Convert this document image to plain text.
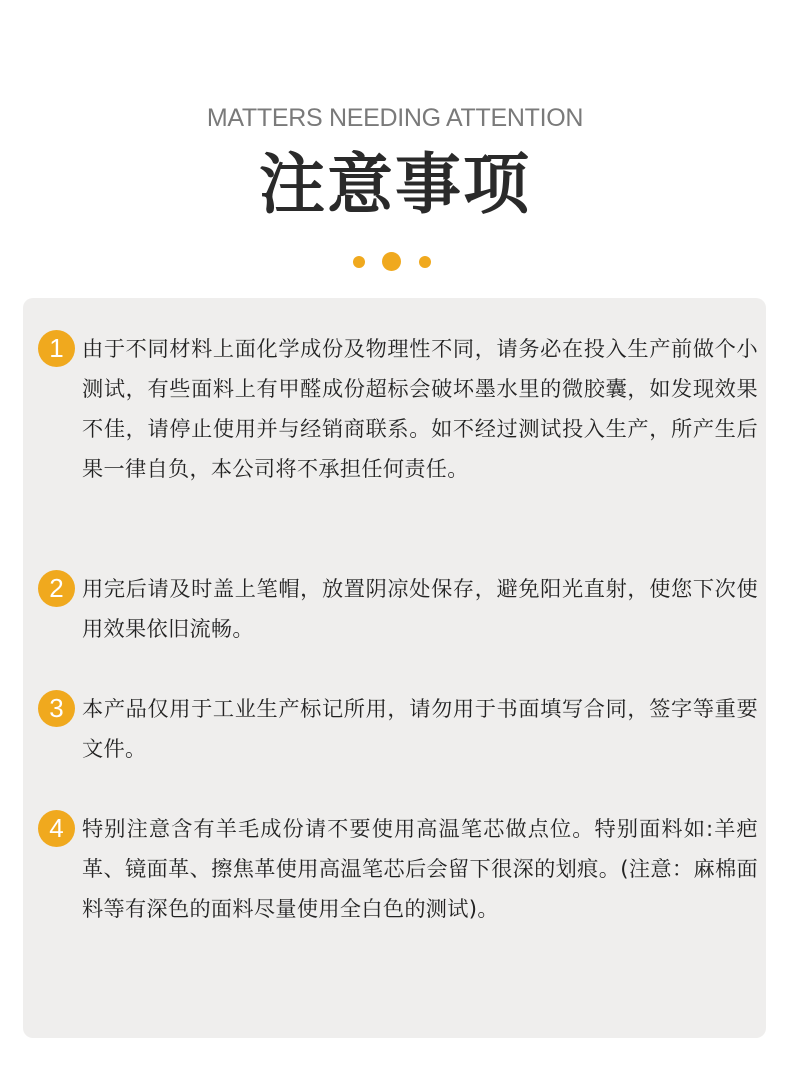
MATTERS NEEDING ATTENTION
注意事项
1 由于不同材料上面化学成份及物理性不同，请务必在投入生产前做个小测试，有些面料上有甲醛成份超标会破坏墨水里的微胶囊，如发现效果不佳，请停止使用并与经销商联系。如不经过测试投入生产，所产生后果一律自负，本公司将不承担任何责任。

2 用完后请及时盖上笔帽，放置阴凉处保存，避免阳光直射，使您下次使用效果依旧流畅。

3 本产品仅用于工业生产标记所用，请勿用于书面填写合同，签字等重要文件。

4 特别注意含有羊毛成份请不要使用高温笔芯做点位。特别面料如:羊疤革、镜面革、擦焦革使用高温笔芯后会留下很深的划痕。(注意：麻棉面料等有深色的面料尽量使用全白色的测试)。
